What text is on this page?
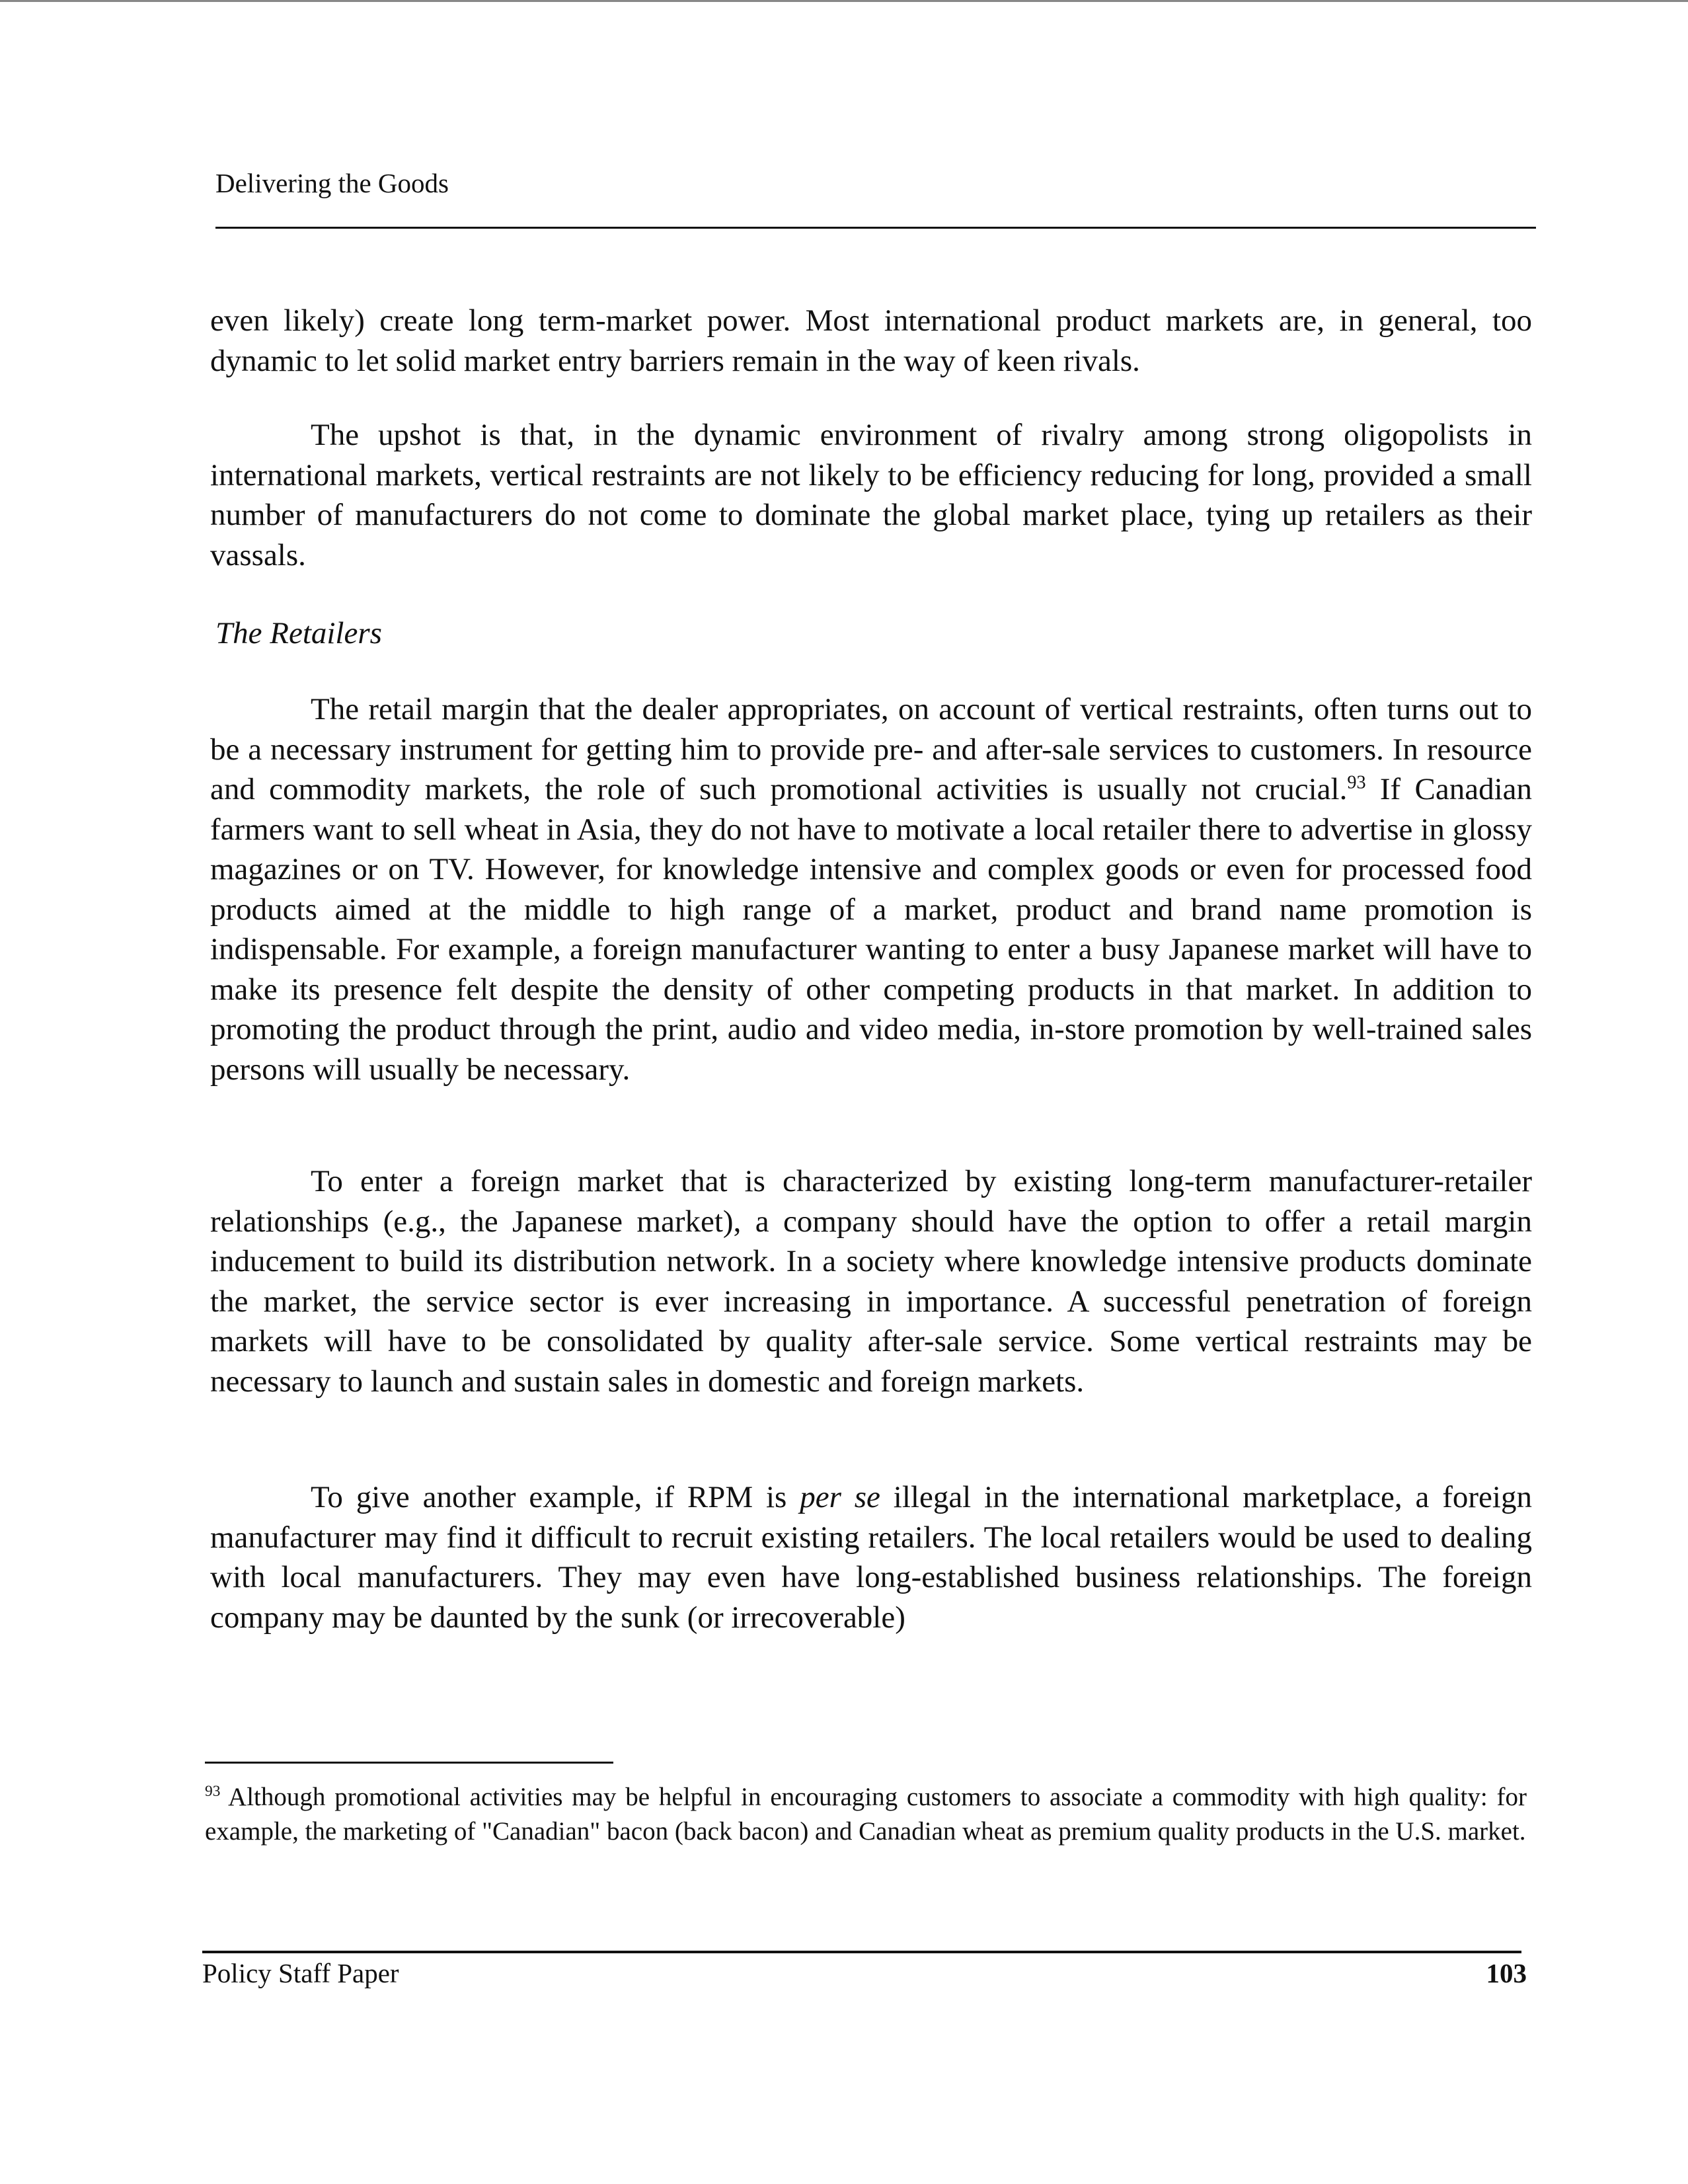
Delivering the Goods

even likely) create long term-market power. Most international product markets are, in general, too dynamic to let solid market entry barriers remain in the way of keen rivals.

The upshot is that, in the dynamic environment of rivalry among strong oligopolists in international markets, vertical restraints are not likely to be efficiency reducing for long, provided a small number of manufacturers do not come to dominate the global market place, tying up retailers as their vassals.

The Retailers

The retail margin that the dealer appropriates, on account of vertical restraints, often turns out to be a necessary instrument for getting him to provide pre- and after-sale services to customers. In resource and commodity markets, the role of such promotional activities is usually not crucial.$^{93}$ If Canadian farmers want to sell wheat in Asia, they do not have to motivate a local retailer there to advertise in glossy magazines or on TV. However, for knowledge intensive and complex goods or even for processed food products aimed at the middle to high range of a market, product and brand name promotion is indispensable. For example, a foreign manufacturer wanting to enter a busy Japanese market will have to make its presence felt despite the density of other competing products in that market. In addition to promoting the product through the print, audio and video media, in-store promotion by well-trained sales persons will usually be necessary.

To enter a foreign market that is characterized by existing long-term manufacturer-retailer relationships (e.g., the Japanese market), a company should have the option to offer a retail margin inducement to build its distribution network. In a society where knowledge intensive products dominate the market, the service sector is ever increasing in importance. A successful penetration of foreign markets will have to be consolidated by quality after-sale service. Some vertical restraints may be necessary to launch and sustain sales in domestic and foreign markets.

To give another example, if RPM is per se illegal in the international marketplace, a foreign manufacturer may find it difficult to recruit existing retailers. The local retailers would be used to dealing with local manufacturers. They may even have long-established business relationships. The foreign company may be daunted by the sunk (or irrecoverable)

$^{93}$ Although promotional activities may be helpful in encouraging customers to associate a commodity with high quality: for example, the marketing of "Canadian" bacon (back bacon) and Canadian wheat as premium quality products in the U.S. market.

Policy Staff Paper	103
